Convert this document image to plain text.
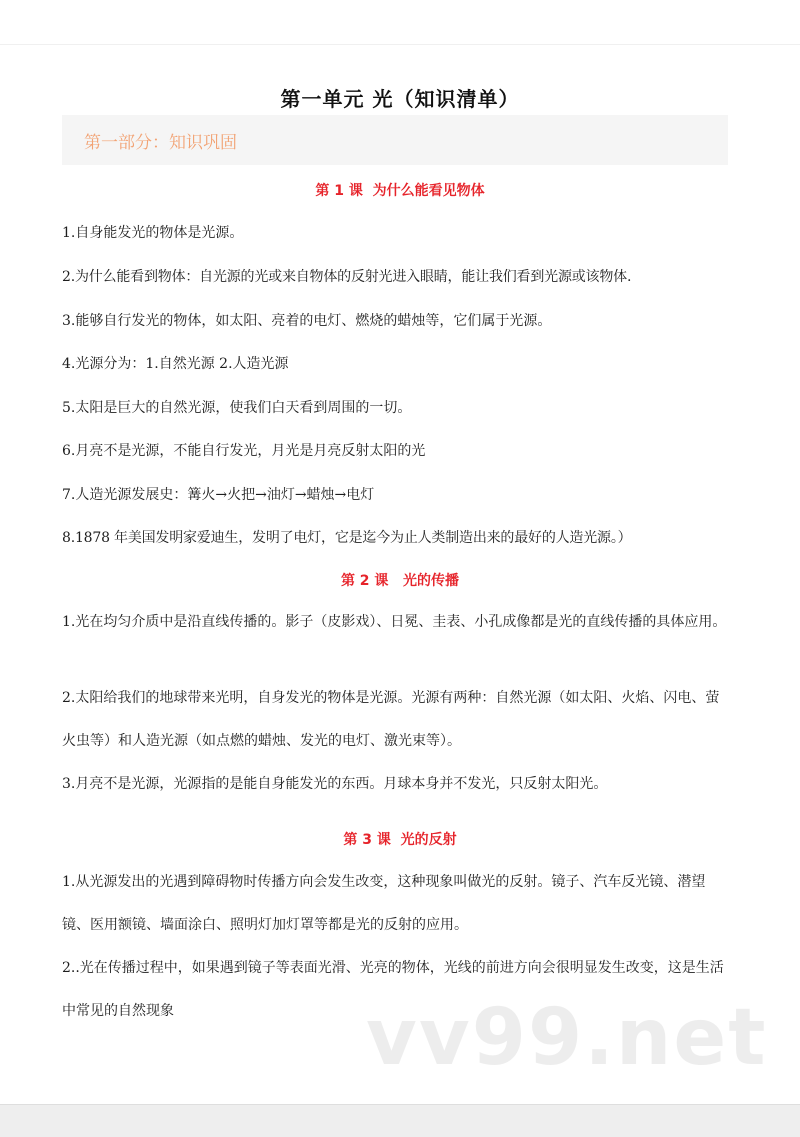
第一单元 光（知识清单）
第一部分：知识巩固
第 1 课  为什么能看见物体
1.自身能发光的物体是光源。
2.为什么能看到物体：自光源的光或来自物体的反射光进入眼睛，能让我们看到光源或该物体.
3.能够自行发光的物体，如太阳、亮着的电灯、燃烧的蜡烛等，它们属于光源。
4.光源分为：1.自然光源 2.人造光源
5.太阳是巨大的自然光源，使我们白天看到周围的一切。
6.月亮不是光源，不能自行发光，月光是月亮反射太阳的光
7.人造光源发展史：篝火→火把→油灯→蜡烛→电灯
8.1878 年美国发明家爱迪生，发明了电灯，它是迄今为止人类制造出来的最好的人造光源。）
第 2 课   光的传播
1.光在均匀介质中是沿直线传播的。影子（皮影戏）、日冕、圭表、小孔成像都是光的直线传播的具体应用。
2.太阳给我们的地球带来光明，自身发光的物体是光源。光源有两种：自然光源（如太阳、火焰、闪电、萤火虫等）和人造光源（如点燃的蜡烛、发光的电灯、激光束等）。
3.月亮不是光源，光源指的是能自身能发光的东西。月球本身并不发光，只反射太阳光。
第 3 课  光的反射
1.从光源发出的光遇到障碍物时传播方向会发生改变，这种现象叫做光的反射。镜子、汽车反光镜、潜望镜、医用额镜、墙面涂白、照明灯加灯罩等都是光的反射的应用。
2..光在传播过程中，如果遇到镜子等表面光滑、光亮的物体，光线的前进方向会很明显发生改变，这是生活中常见的自然现象	vv99.net
